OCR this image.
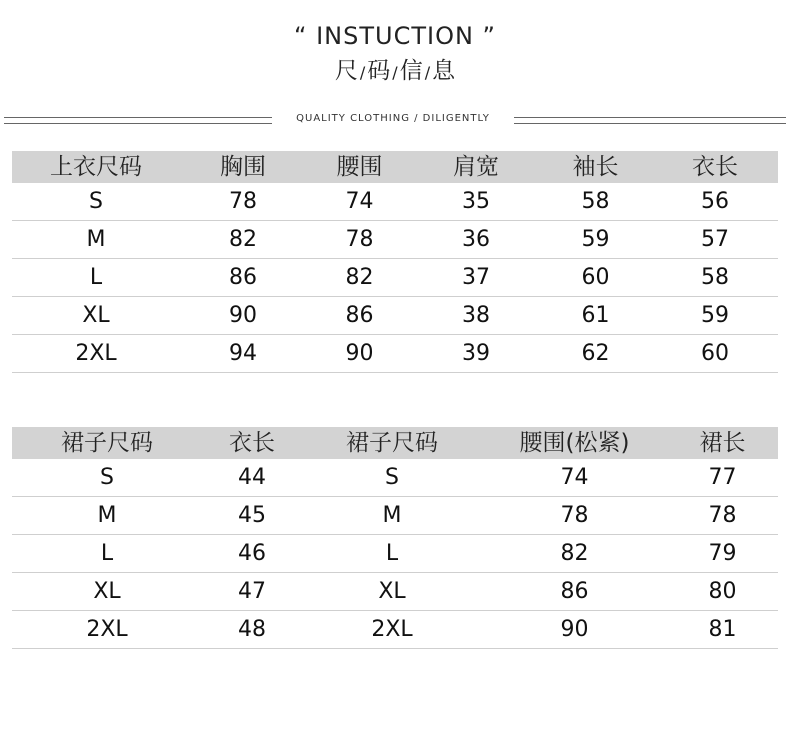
“ INSTUCTION ”
尺 /码 /信 /息
QUALITY CLOTHING / DILIGENTLY
上衣尺码	胸围	腰围	肩宽	袖长	衣长
S	78	74	35	58	56
M	82	78	36	59	57
L	86	82	37	60	58
XL	90	86	38	61	59
2XL	94	90	39	62	60
裙子尺码	衣长	裙子尺码	腰围(松紧)	裙长
S	44	S	74	77
M	45	M	78	78
L	46	L	82	79
XL	47	XL	86	80
2XL	48	2XL	90	81
